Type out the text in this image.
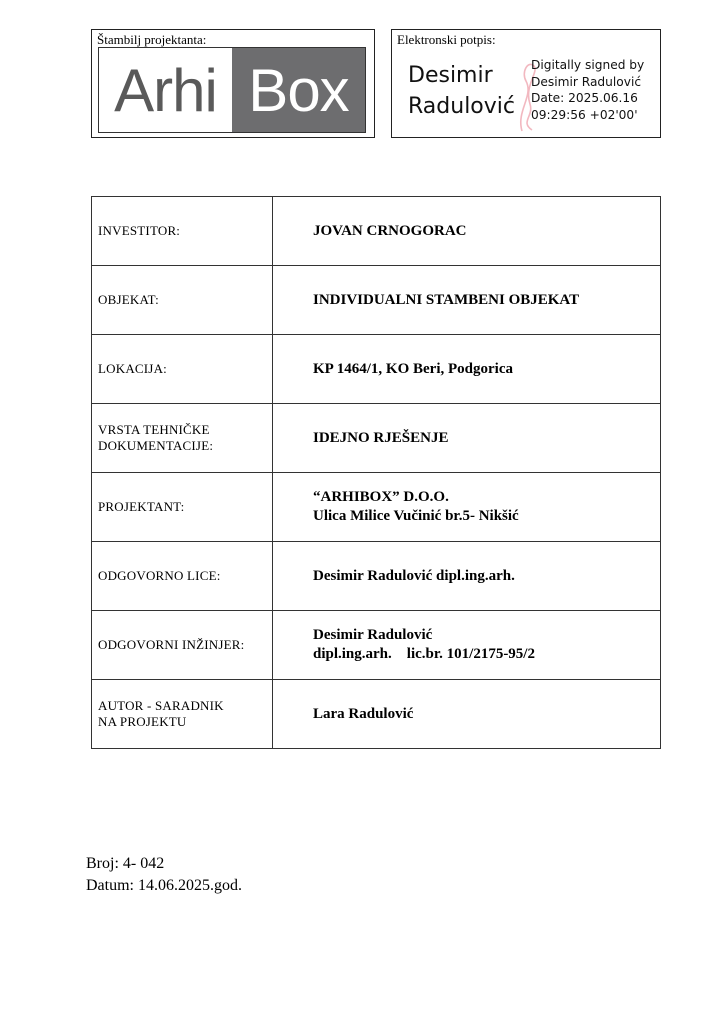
Štambilj projektanta:
Arhi Box
Elektronski potpis:
Desimir
Radulović
Digitally signed by
Desimir Radulović
Date: 2025.06.16
09:29:56 +02'00'
INVESTITOR:	JOVAN CRNOGORAC

OBJEKAT:	INDIVIDUALNI STAMBENI OBJEKAT

LOKACIJA:	KP 1464/1, KO Beri, Podgorica

VRSTA TEHNIČKE
DOKUMENTACIJE:	IDEJNO RJEŠENJE

PROJEKTANT:	“ARHIBOX” D.O.O.
Ulica Milice Vučinić br.5- Nikšić

ODGOVORNO LICE:	Desimir Radulović dipl.ing.arh.

ODGOVORNI INŽINJER:	Desimir Radulović
dipl.ing.arh.    lic.br. 101/2175-95/2

AUTOR - SARADNIK
NA PROJEKTU	Lara Radulović
Broj: 4- 042
Datum: 14.06.2025.god.
